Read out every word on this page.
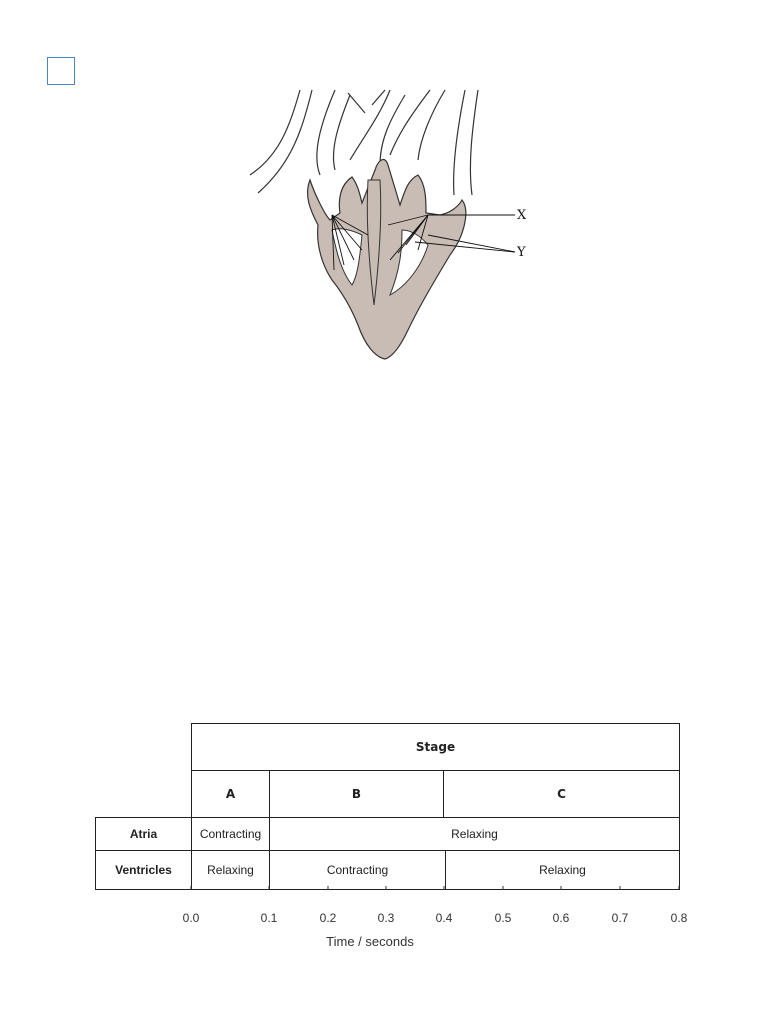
X
Y
Stage
A	B	C
Atria	Contracting	Relaxing
Ventricles	Relaxing	Contracting	Relaxing
0.0	0.1	0.2	0.3	0.4	0.5	0.6	0.7	0.8
Time / seconds
